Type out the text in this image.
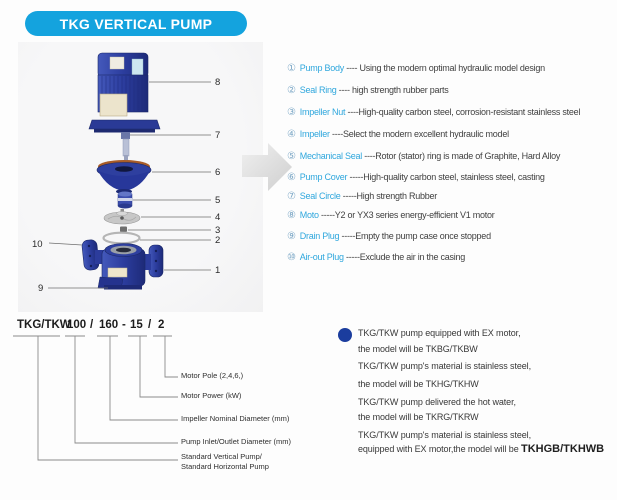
TKG VERTICAL PUMP
8
7
6
5
4
3
2
1
10
9
① Pump Body ---- Using the modern optimal hydraulic model design
② Seal Ring ---- high strength rubber parts
③ Impeller Nut ----High-quality carbon steel, corrosion-resistant stainless steel
④ Impeller ----Select the modern excellent hydraulic model
⑤ Mechanical Seal ----Rotor (stator) ring is made of Graphite, Hard Alloy
⑥ Pump Cover -----High-quality carbon steel, stainless steel, casting
⑦ Seal Circle -----High strength Rubber
⑧ Moto -----Y2 or YX3 series energy-efficient V1 motor
⑨ Drain Plug -----Empty the pump case once stopped
⑩ Air-out Plug -----Exclude the air in the casing
TKG/TKW
100 / 160 - 15 / 2
Motor Pole (2,4,6,)
Motor Power (kW)
Impeller Nominal Diameter (mm)
Pump Inlet/Outlet Diameter (mm)
Standard Vertical Pump/
Standard Horizontal Pump
TKG/TKW pump equipped with EX motor,
the model will be TKBG/TKBW
TKG/TKW pump's material is stainless steel,
the model will be TKHG/TKHW
TKG/TKW pump delivered the hot water,
the model will be TKRG/TKRW
TKG/TKW pump's material is stainless steel,
equipped with EX motor,the model will be TKHGB/TKHWB
